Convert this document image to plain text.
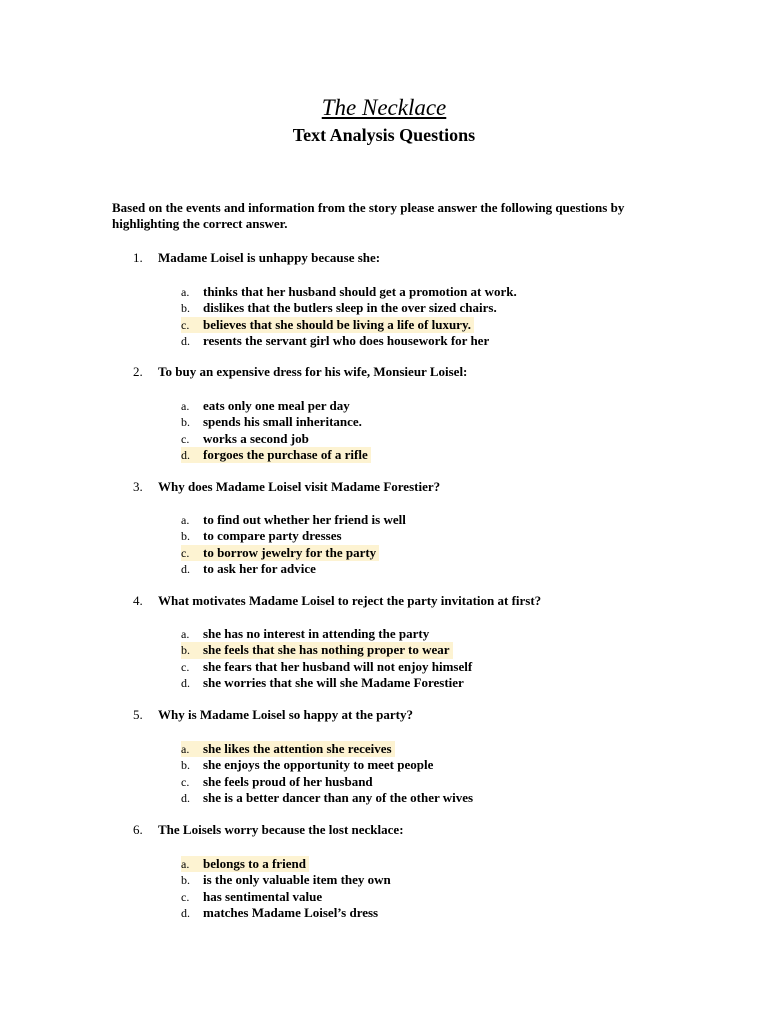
The Necklace
Text Analysis Questions
Based on the events and information from the story please answer the following questions by highlighting the correct answer.
1. Madame Loisel is unhappy because she:
a. thinks that her husband should get a promotion at work.
b. dislikes that the butlers sleep in the over sized chairs.
c. believes that she should be living a life of luxury.
d. resents the servant girl who does housework for her
2. To buy an expensive dress for his wife, Monsieur Loisel:
a. eats only one meal per day
b. spends his small inheritance.
c. works a second job
d. forgoes the purchase of a rifle
3. Why does Madame Loisel visit Madame Forestier?
a. to find out whether her friend is well
b. to compare party dresses
c. to borrow jewelry for the party
d. to ask her for advice
4. What motivates Madame Loisel to reject the party invitation at first?
a. she has no interest in attending the party
b. she feels that she has nothing proper to wear
c. she fears that her husband will not enjoy himself
d. she worries that she will she Madame Forestier
5. Why is Madame Loisel so happy at the party?
a. she likes the attention she receives
b. she enjoys the opportunity to meet people
c. she feels proud of her husband
d. she is a better dancer than any of the other wives
6. The Loisels worry because the lost necklace:
a. belongs to a friend
b. is the only valuable item they own
c. has sentimental value
d. matches Madame Loisel’s dress
